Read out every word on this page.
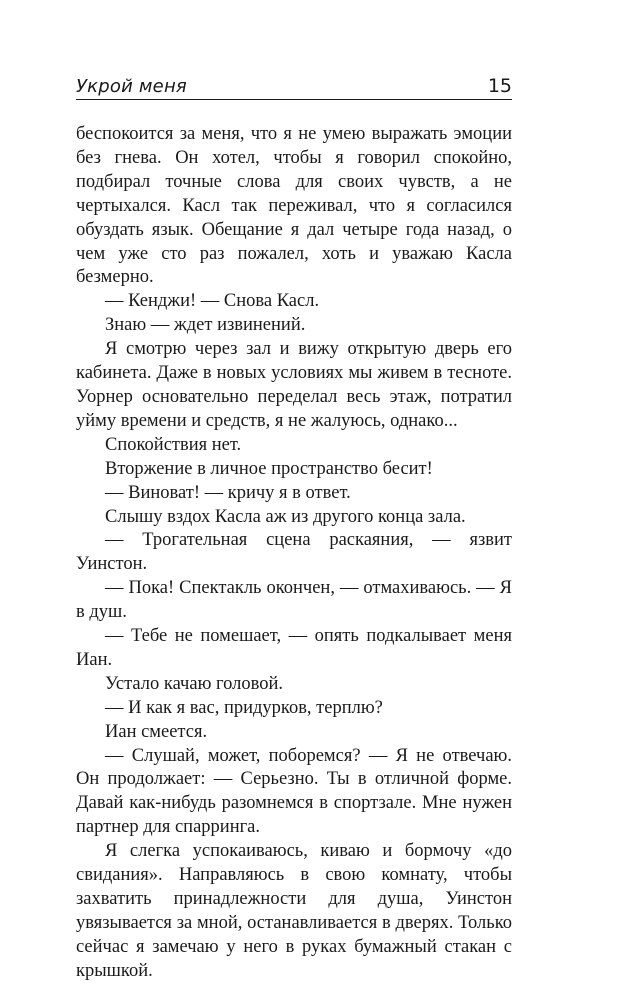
Укрой меня	15

беспокоится за меня, что я не умею выражать эмоции без гнева. Он хотел, чтобы я говорил спокойно, подбирал точные слова для своих чувств, а не чертыхался. Касл так переживал, что я согласился обуздать язык. Обещание я дал четыре года назад, о чем уже сто раз пожалел, хоть и уважаю Касла безмерно.

— Кенджи! — Снова Касл.

Знаю — ждет извинений.

Я смотрю через зал и вижу открытую дверь его кабинета. Даже в новых условиях мы живем в тесноте. Уорнер основательно переделал весь этаж, потратил уйму времени и средств, я не жалуюсь, однако...

Спокойствия нет.

Вторжение в личное пространство бесит!

— Виноват! — кричу я в ответ.

Слышу вздох Касла аж из другого конца зала.

— Трогательная сцена раскаяния, — язвит Уинстон.

— Пока! Спектакль окончен, — отмахиваюсь. — Я в душ.

— Тебе не помешает, — опять подкалывает меня Иан.

Устало качаю головой.

— И как я вас, придурков, терплю?

Иан смеется.

— Слушай, может, поборемся? — Я не отвечаю. Он продолжает: — Серьезно. Ты в отличной форме. Давай как-нибудь разомнемся в спортзале. Мне нужен партнер для спарринга.

Я слегка успокаиваюсь, киваю и бормочу «до свидания». Направляюсь в свою комнату, чтобы захватить принадлежности для душа, Уинстон увязывается за мной, останавливается в дверях. Только сейчас я замечаю у него в руках бумажный стакан с крышкой.
